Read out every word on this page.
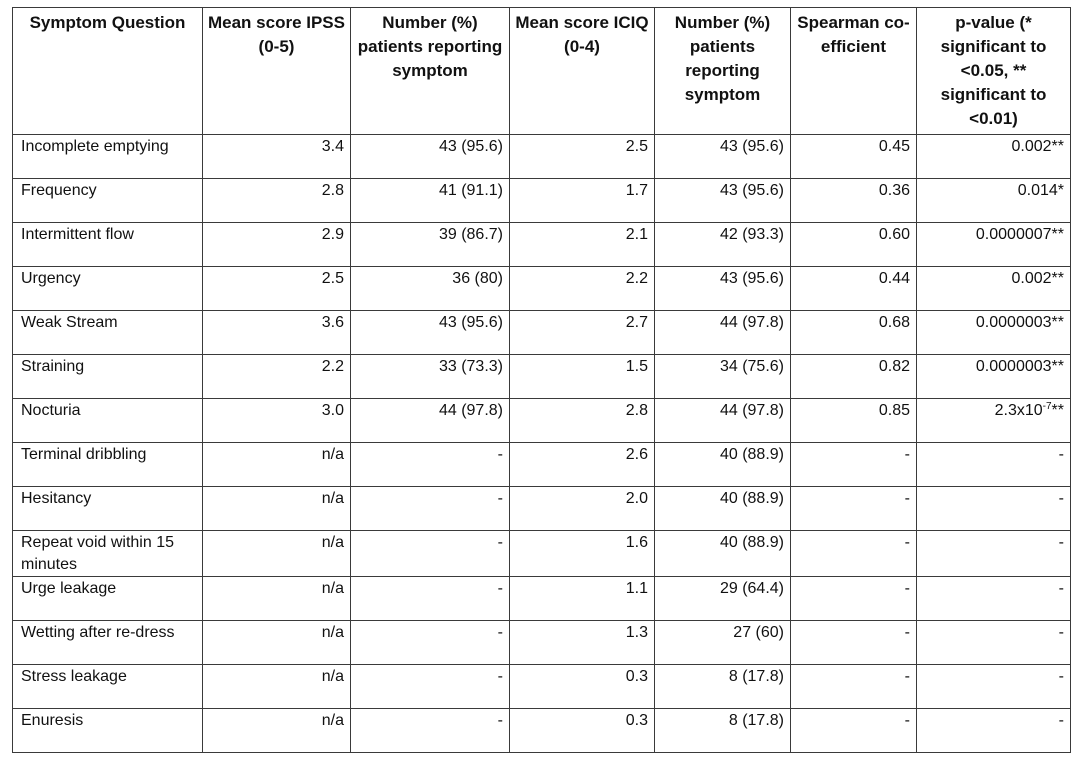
Symptom Question	Mean score IPSS (0-5)	Number (%) patients reporting symptom	Mean score ICIQ (0-4)	Number (%) patients reporting symptom	Spearman co-efficient	p-value (* significant to <0.05, ** significant to <0.01)
Incomplete emptying	3.4	43 (95.6)	2.5	43 (95.6)	0.45	0.002**
Frequency	2.8	41 (91.1)	1.7	43 (95.6)	0.36	0.014*
Intermittent flow	2.9	39 (86.7)	2.1	42 (93.3)	0.60	0.0000007**
Urgency	2.5	36 (80)	2.2	43 (95.6)	0.44	0.002**
Weak Stream	3.6	43 (95.6)	2.7	44 (97.8)	0.68	0.0000003**
Straining	2.2	33 (73.3)	1.5	34 (75.6)	0.82	0.0000003**
Nocturia	3.0	44 (97.8)	2.8	44 (97.8)	0.85	$2.3x10^{-7}**$
Terminal dribbling	n/a	-	2.6	40 (88.9)	-	-
Hesitancy	n/a	-	2.0	40 (88.9)	-	-
Repeat void within 15 minutes	n/a	-	1.6	40 (88.9)	-	-
Urge leakage	n/a	-	1.1	29 (64.4)	-	-
Wetting after re-dress	n/a	-	1.3	27 (60)	-	-
Stress leakage	n/a	-	0.3	8 (17.8)	-	-
Enuresis	n/a	-	0.3	8 (17.8)	-	-
